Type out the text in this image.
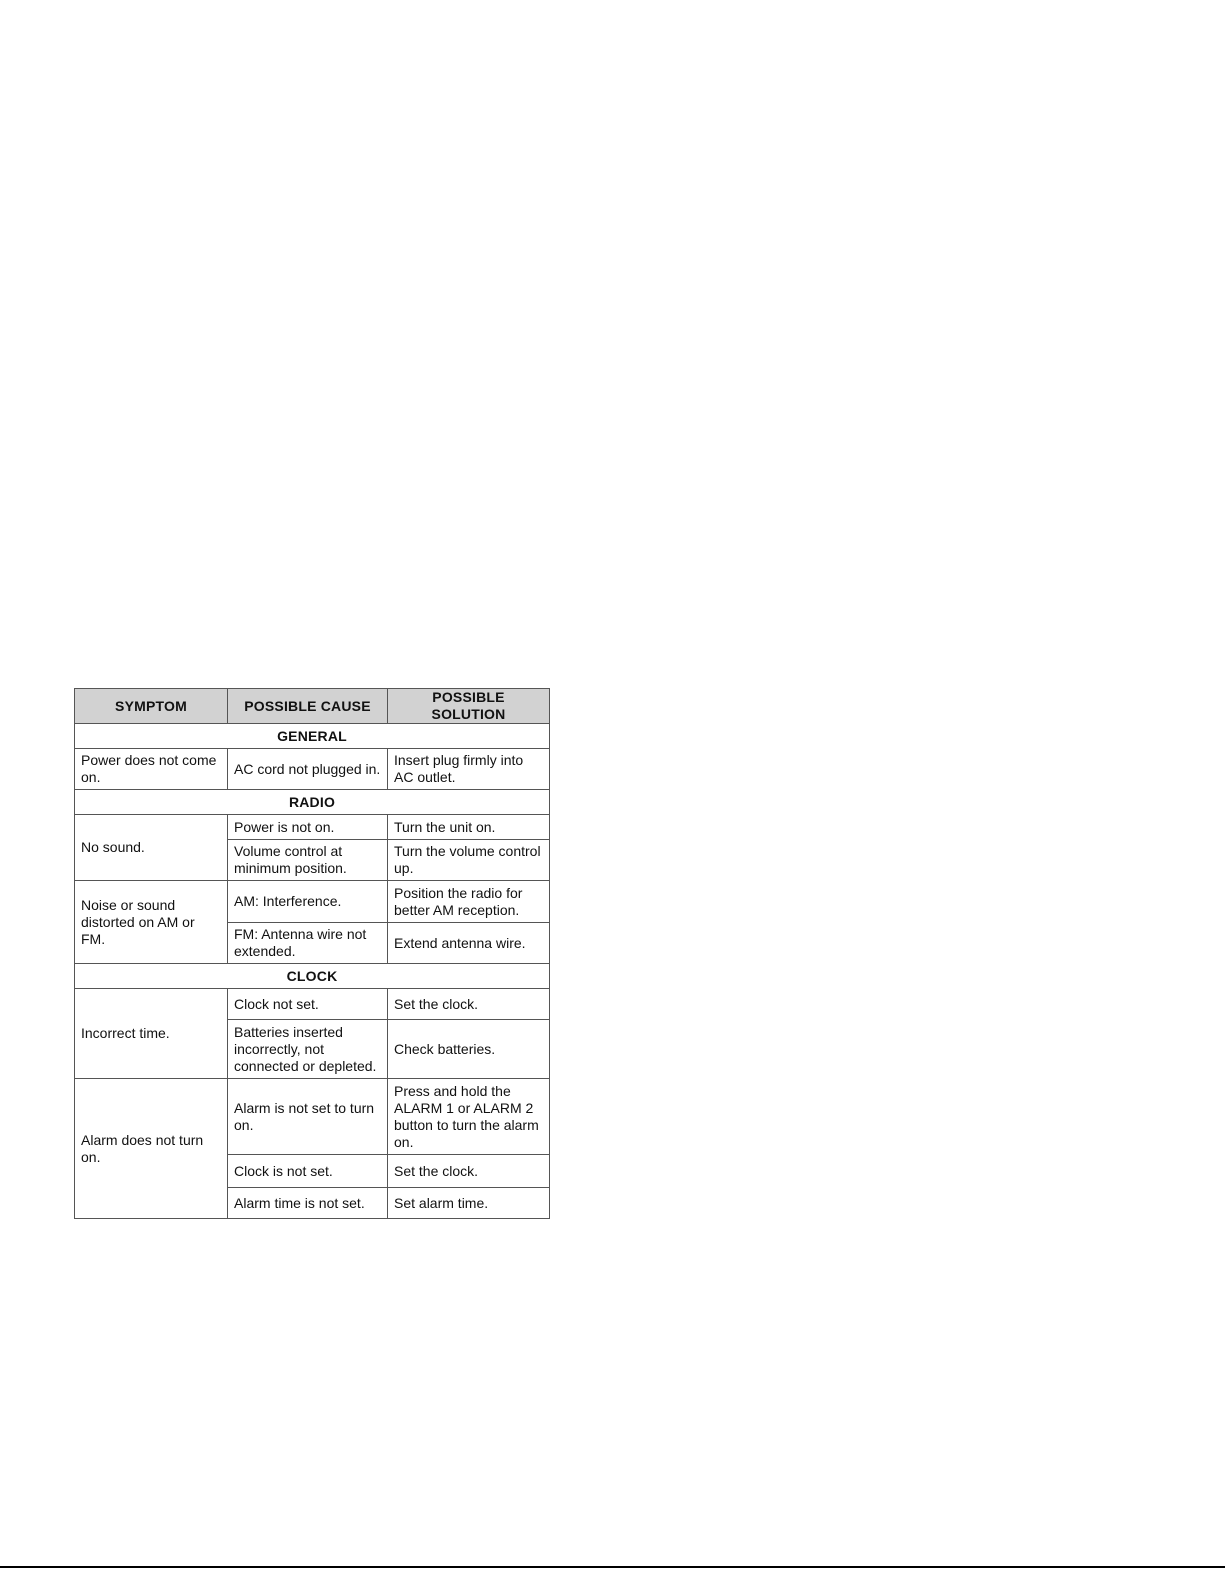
SYMPTOM	POSSIBLE CAUSE	POSSIBLE SOLUTION
GENERAL		
Power does not come on.	AC cord not plugged in.	Insert plug firmly into AC outlet.
RADIO		
No sound.	Power is not on.	Turn the unit on.
	Volume control at minimum position.	Turn the volume control up.
Noise or sound distorted on AM or FM.	AM: Interference.	Position the radio for better AM reception.
	FM: Antenna wire not extended.	Extend antenna wire.
CLOCK		
Incorrect time.	Clock not set.	Set the clock.
	Batteries inserted incorrectly, not connected or depleted.	Check batteries.
Alarm does not turn on.	Alarm is not set to turn on.	Press and hold the ALARM 1 or ALARM 2 button to turn the alarm on.
	Clock is not set.	Set the clock.
	Alarm time is not set.	Set alarm time.
